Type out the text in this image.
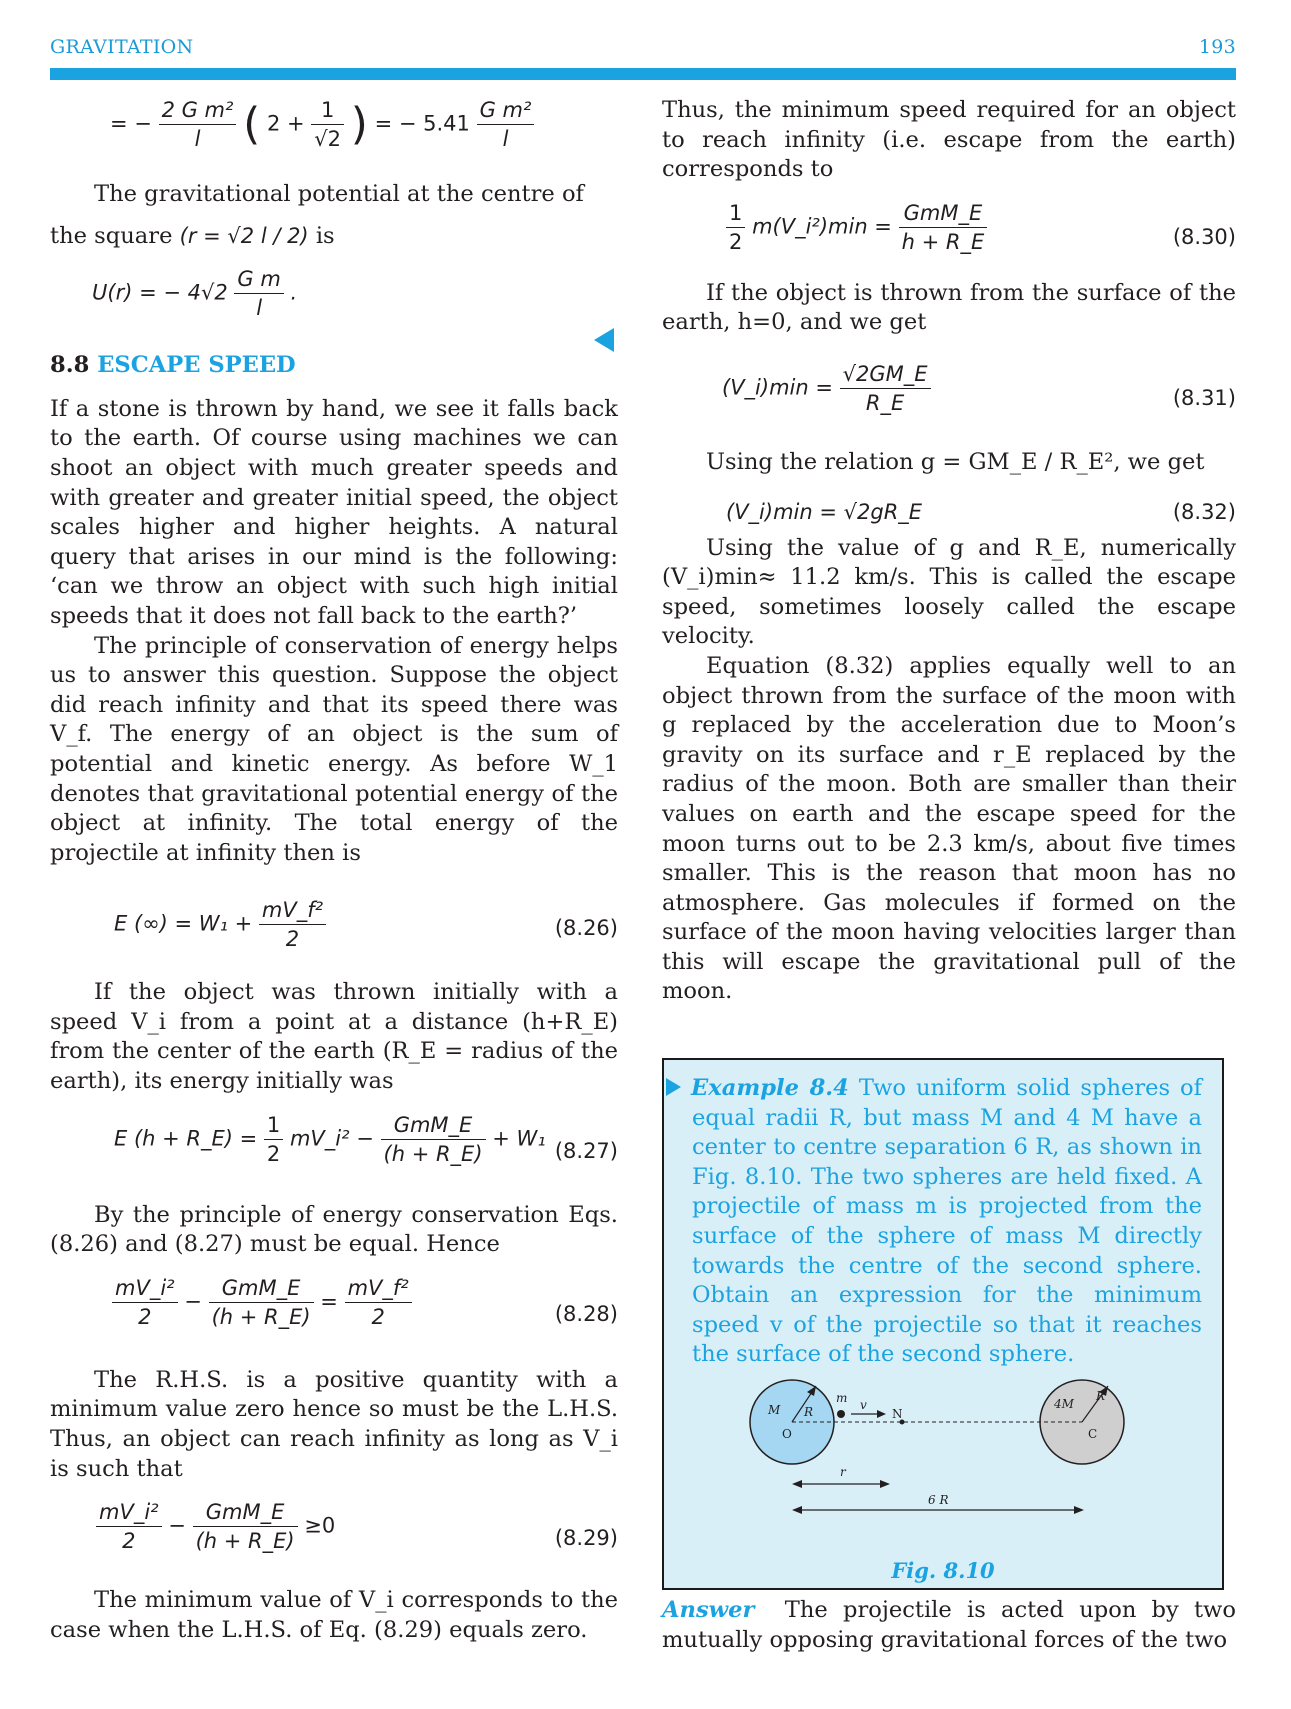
GRAVITATION	193
= − $\frac{\text{2 G m²}}{l}$ ( $2 + \frac{1}{√2}$ ) = − $5.41 \frac{\text{G m²}}{l}$

The gravitational potential at the centre of

the square (r = √2 l / 2) is

U(r) = − $4√2 \frac{\text{G m}}{l}$ .

8.8 ESCAPE SPEED

If a stone is thrown by hand, we see it falls back to the earth. Of course using machines we can shoot an object with much greater speeds and with greater and greater initial speed, the object scales higher and higher heights. A natural query that arises in our mind is the following: ‘can we throw an object with such high initial speeds that it does not fall back to the earth?’

The principle of conservation of energy helps us to answer this question. Suppose the object did reach infinity and that its speed there was V_f. The energy of an object is the sum of potential and kinetic energy. As before W_1 denotes that gravitational potential energy of the object at infinity. The total energy of the projectile at infinity then is

E (∞) = $W_1 + \frac{\text{mV\_f²}}{2}$	(8.26)

If the object was thrown initially with a speed V_i from a point at a distance (h+R_E) from the center of the earth (R_E = radius of the earth), its energy initially was

E (h + R_E) = $\frac{1}{2}$ mV_i² − $\frac{\text{GmM\_E}}{(h + R\_E)} + W_1$
(8.27)

By the principle of energy conservation Eqs. (8.26) and (8.27) must be equal. Hence

$\frac{\text{mV\_i²}}{2} - \frac{\text{GmM\_E}}{(h + R\_E)} = \frac{\text{mV\_f²}}{2}$	(8.28)

The R.H.S. is a positive quantity with a minimum value zero hence so must be the L.H.S. Thus, an object can reach infinity as long as V_i is such that

$\frac{\text{mV\_i²}}{2} - \frac{\text{GmM\_E}}{(h + R\_E)} \ge 0$
(8.29)

The minimum value of V_i corresponds to the case when the L.H.S. of Eq. (8.29) equals zero.

Thus, the minimum speed required for an object to reach infinity (i.e. escape from the earth) corresponds to

$\frac{1}{2}$ m(V_i²)min = $\frac{\text{GmM\_E}}{h + R\_E}$	(8.30)

If the object is thrown from the surface of the earth, h=0, and we get

(V_i)min = $\frac{√2GM\_E}{R\_E}$	(8.31)

Using the relation g = GM_E / R_E², we get

(V_i)min = √2gR_E	(8.32)

Using the value of g and R_E, numerically (V_i)min≈ 11.2 km/s. This is called the escape speed, sometimes loosely called the escape velocity.

Equation (8.32) applies equally well to an object thrown from the surface of the moon with g replaced by the acceleration due to Moon’s gravity on its surface and r_E replaced by the radius of the moon. Both are smaller than their values on earth and the escape speed for the moon turns out to be 2.3 km/s, about five times smaller. This is the reason that moon has no atmosphere. Gas molecules if formed on the surface of the moon having velocities larger than this will escape the gravitational pull of the moon.

Example 8.4 Two uniform solid spheres of equal radii R, but mass M and 4 M have a center to centre separation 6 R, as shown in Fig. 8.10. The two spheres are held fixed. A projectile of mass m is projected from the surface of the sphere of mass M directly towards the centre of the second sphere. Obtain an expression for the minimum speed v of the projectile so that it reaches the surface of the second sphere.
M R
O
m v
N
4M
R
C
r
6 R
Fig. 8.10
Answer The projectile is acted upon by two mutually opposing gravitational forces of the two
